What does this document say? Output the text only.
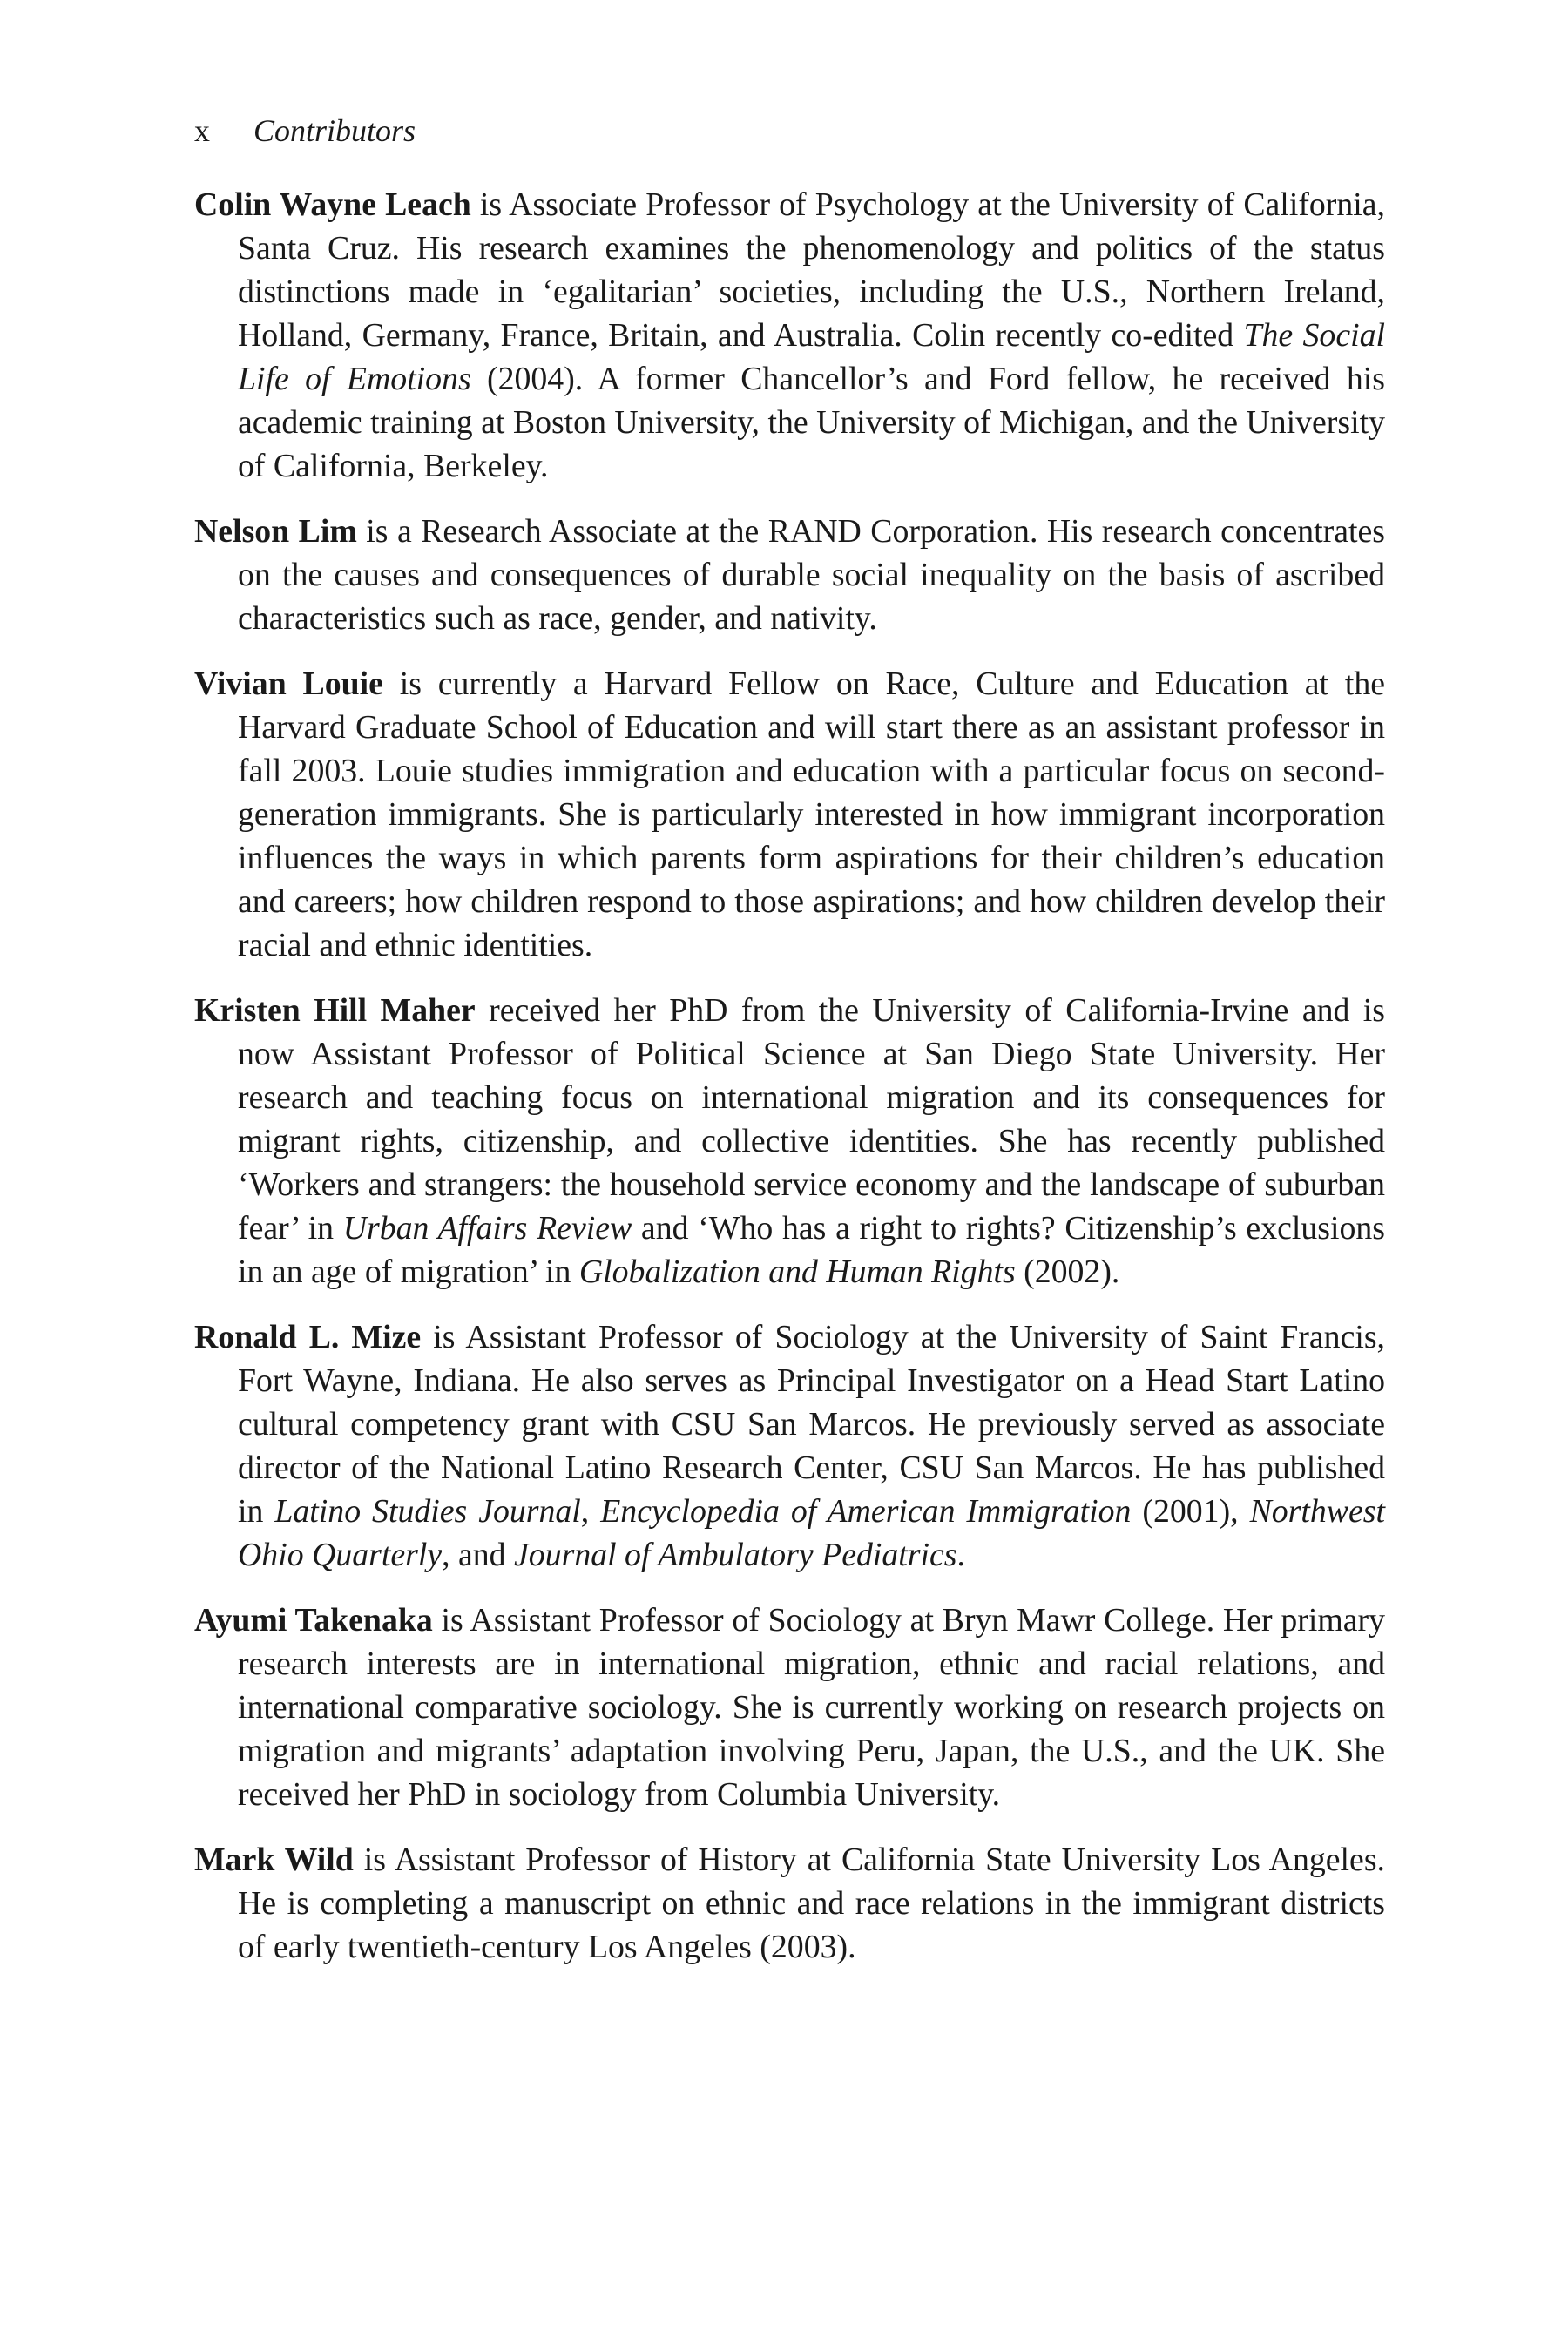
x Contributors

Colin Wayne Leach is Associate Professor of Psychology at the University of California, Santa Cruz. His research examines the phenomenology and politics of the status distinctions made in ‘egalitarian’ societies, including the U.S., Northern Ireland, Holland, Germany, France, Britain, and Australia. Colin recently co-edited The Social Life of Emotions (2004). A former Chancellor’s and Ford fellow, he received his academic training at Boston University, the University of Michigan, and the University of California, Berkeley.

Nelson Lim is a Research Associate at the RAND Corporation. His research concentrates on the causes and consequences of durable social inequality on the basis of ascribed characteristics such as race, gender, and nativity.

Vivian Louie is currently a Harvard Fellow on Race, Culture and Education at the Harvard Graduate School of Education and will start there as an assistant professor in fall 2003. Louie studies immigration and education with a particular focus on second-generation immigrants. She is particularly interested in how immigrant incorporation influences the ways in which parents form aspirations for their children’s education and careers; how children respond to those aspirations; and how children develop their racial and ethnic identities.

Kristen Hill Maher received her PhD from the University of California-Irvine and is now Assistant Professor of Political Science at San Diego State University. Her research and teaching focus on international migration and its consequences for migrant rights, citizenship, and collective identities. She has recently published ‘Workers and strangers: the household service economy and the landscape of suburban fear’ in Urban Affairs Review and ‘Who has a right to rights? Citizenship’s exclusions in an age of migration’ in Globalization and Human Rights (2002).

Ronald L. Mize is Assistant Professor of Sociology at the University of Saint Francis, Fort Wayne, Indiana. He also serves as Principal Investigator on a Head Start Latino cultural competency grant with CSU San Marcos. He previously served as associate director of the National Latino Research Center, CSU San Marcos. He has published in Latino Studies Journal, Encyclopedia of American Immigration (2001), Northwest Ohio Quarterly, and Journal of Ambulatory Pediatrics.

Ayumi Takenaka is Assistant Professor of Sociology at Bryn Mawr College. Her primary research interests are in international migration, ethnic and racial relations, and international comparative sociology. She is currently working on research projects on migration and migrants’ adaptation involving Peru, Japan, the U.S., and the UK. She received her PhD in sociology from Columbia University.

Mark Wild is Assistant Professor of History at California State University Los Angeles. He is completing a manuscript on ethnic and race relations in the immigrant districts of early twentieth-century Los Angeles (2003).
